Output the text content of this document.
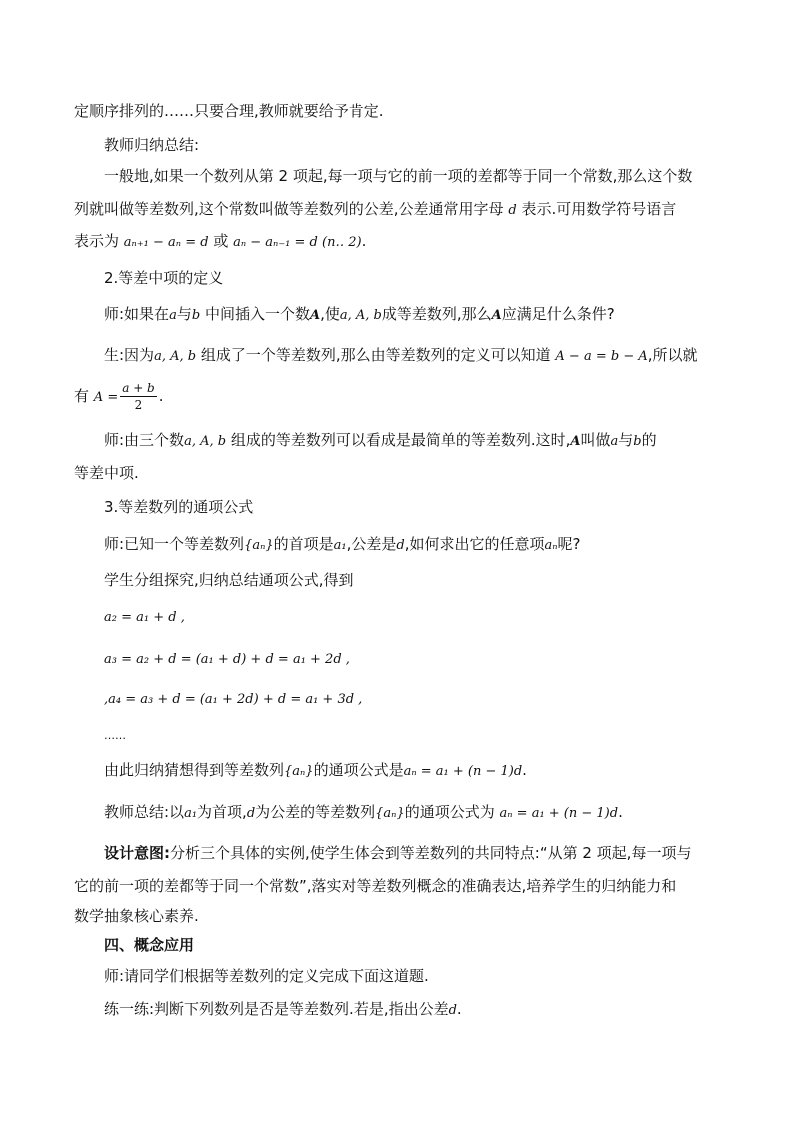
定顺序排列的……只要合理,教师就要给予肯定.
教师归纳总结:
一般地,如果一个数列从第 2 项起,每一项与它的前一项的差都等于同一个常数,那么这个数
列就叫做等差数列,这个常数叫做等差数列的公差,公差通常用字母 d 表示.可用数学符号语言
表示为 aₙ₊₁ − aₙ = d 或 aₙ − aₙ₋₁ = d (n‥ 2).
2.等差中项的定义
师:如果在a与b 中间插入一个数A,使a, A, b成等差数列,那么A应满足什么条件?
生:因为a, A, b 组成了一个等差数列,那么由等差数列的定义可以知道 A − a = b − A,所以就
有 $A = \frac{a + b}{2}$ .
师:由三个数a, A, b 组成的等差数列可以看成是最简单的等差数列.这时,A叫做a与b的
等差中项.
3.等差数列的通项公式
师:已知一个等差数列{aₙ}的首项是a₁,公差是d,如何求出它的任意项aₙ呢?
学生分组探究,归纳总结通项公式,得到
a₂ = a₁ + d ,
a₃ = a₂ + d = (a₁ + d) + d = a₁ + 2d ,
,a₄ = a₃ + d = (a₁ + 2d) + d = a₁ + 3d ,
……
由此归纳猜想得到等差数列{aₙ}的通项公式是aₙ = a₁ + (n − 1)d.
教师总结:以a₁为首项,d为公差的等差数列{aₙ}的通项公式为 aₙ = a₁ + (n − 1)d.
设计意图:分析三个具体的实例,使学生体会到等差数列的共同特点:“从第 2 项起,每一项与
它的前一项的差都等于同一个常数”,落实对等差数列概念的准确表达,培养学生的归纳能力和
数学抽象核心素养.
四、概念应用
师:请同学们根据等差数列的定义完成下面这道题.
练一练:判断下列数列是否是等差数列.若是,指出公差d.
